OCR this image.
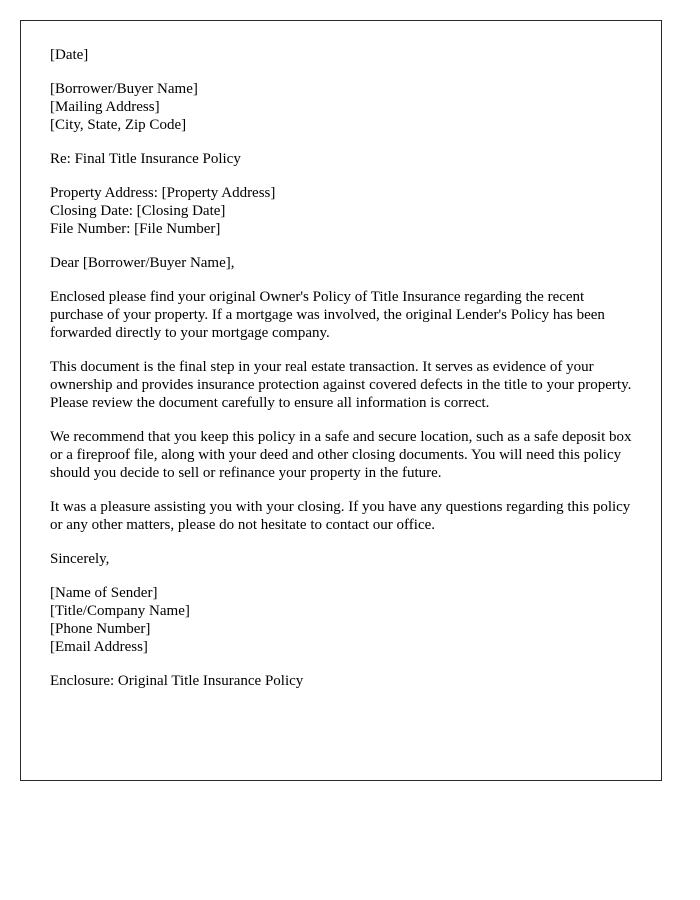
[Date]

[Borrower/Buyer Name]

[Mailing Address]

[City, State, Zip Code]

Re: Final Title Insurance Policy

Property Address: [Property Address]

Closing Date: [Closing Date]

File Number: [File Number]

Dear [Borrower/Buyer Name],

Enclosed please find your original Owner's Policy of Title Insurance regarding the recent purchase of your property. If a mortgage was involved, the original Lender's Policy has been forwarded directly to your mortgage company.

This document is the final step in your real estate transaction. It serves as evidence of your ownership and provides insurance protection against covered defects in the title to your property. Please review the document carefully to ensure all information is correct.

We recommend that you keep this policy in a safe and secure location, such as a safe deposit box or a fireproof file, along with your deed and other closing documents. You will need this policy should you decide to sell or refinance your property in the future.

It was a pleasure assisting you with your closing. If you have any questions regarding this policy or any other matters, please do not hesitate to contact our office.

Sincerely,

[Name of Sender]

[Title/Company Name]

[Phone Number]

[Email Address]

Enclosure: Original Title Insurance Policy
